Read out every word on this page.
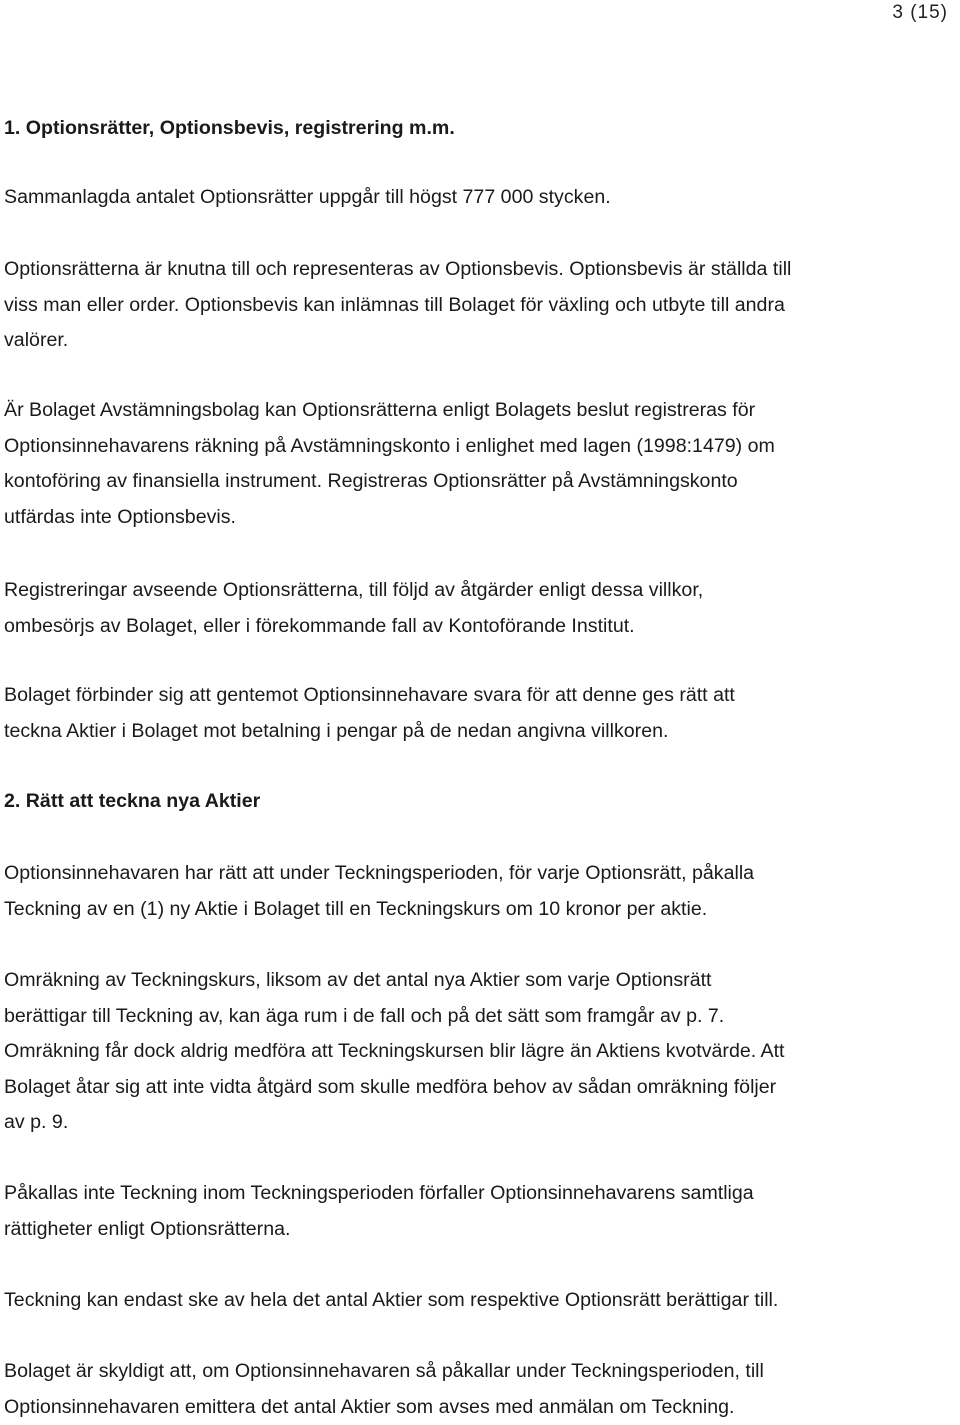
3 (15)
1. Optionsrätter, Optionsbevis, registrering m.m.
Sammanlagda antalet Optionsrätter uppgår till högst 777 000 stycken.
Optionsrätterna är knutna till och representeras av Optionsbevis. Optionsbevis är ställda till
viss man eller order. Optionsbevis kan inlämnas till Bolaget för växling och utbyte till andra
valörer.
Är Bolaget Avstämningsbolag kan Optionsrätterna enligt Bolagets beslut registreras för
Optionsinnehavarens räkning på Avstämningskonto i enlighet med lagen (1998:1479) om
kontoföring av finansiella instrument. Registreras Optionsrätter på Avstämningskonto
utfärdas inte Optionsbevis.
Registreringar avseende Optionsrätterna, till följd av åtgärder enligt dessa villkor,
ombesörjs av Bolaget, eller i förekommande fall av Kontoförande Institut.
Bolaget förbinder sig att gentemot Optionsinnehavare svara för att denne ges rätt att
teckna Aktier i Bolaget mot betalning i pengar på de nedan angivna villkoren.
2. Rätt att teckna nya Aktier
Optionsinnehavaren har rätt att under Teckningsperioden, för varje Optionsrätt, påkalla
Teckning av en (1) ny Aktie i Bolaget till en Teckningskurs om 10 kronor per aktie.
Omräkning av Teckningskurs, liksom av det antal nya Aktier som varje Optionsrätt
berättigar till Teckning av, kan äga rum i de fall och på det sätt som framgår av p. 7.
Omräkning får dock aldrig medföra att Teckningskursen blir lägre än Aktiens kvotvärde. Att
Bolaget åtar sig att inte vidta åtgärd som skulle medföra behov av sådan omräkning följer
av p. 9.
Påkallas inte Teckning inom Teckningsperioden förfaller Optionsinnehavarens samtliga
rättigheter enligt Optionsrätterna.
Teckning kan endast ske av hela det antal Aktier som respektive Optionsrätt berättigar till.
Bolaget är skyldigt att, om Optionsinnehavaren så påkallar under Teckningsperioden, till
Optionsinnehavaren emittera det antal Aktier som avses med anmälan om Teckning.
